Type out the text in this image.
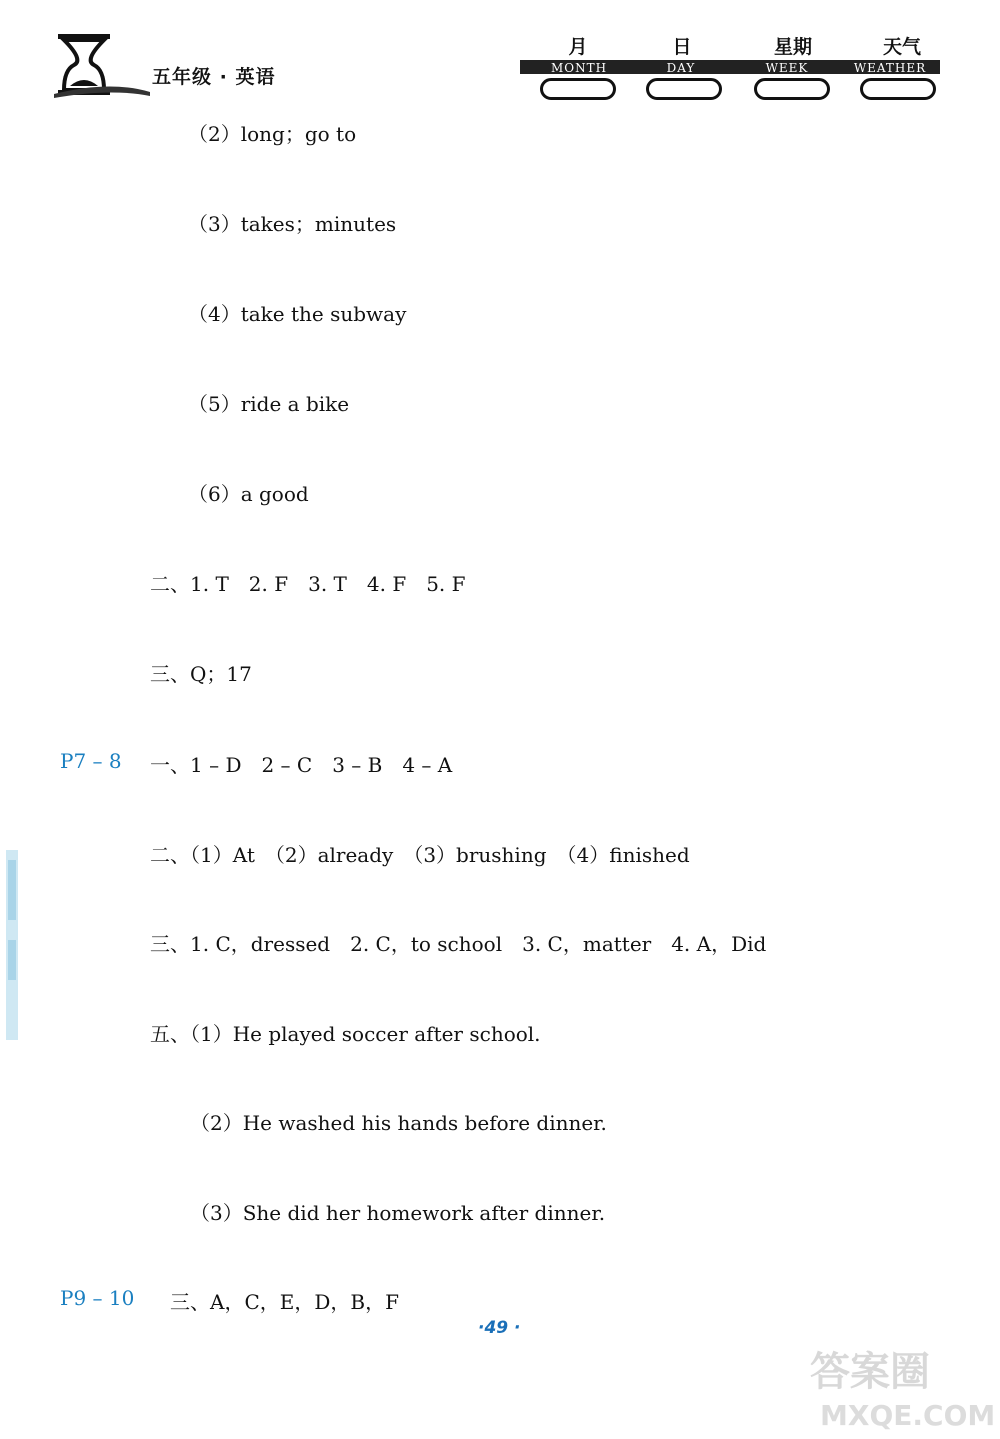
五年级 · 英语
月	日	星期	天气
MONTH	DAY	WEEK	WEATHER
（2）long；go to
（3）takes；minutes
（4）take the subway
（5）ride a bike
（6）a good
二、1. T　2. F　3. T　4. F　5. F
三、Q；17
P7 – 8 一、1 – D　2 – C　3 – B　4 – A
二、（1）At　（2）already　（3）brushing　（4）finished
三、1. C，dressed　2. C，to school　3. C，matter　4. A，Did
五、（1）He played soccer after school.
（2）He washed his hands before dinner.
（3）She did her homework after dinner.
P9 – 10 三、A，C，E，D，B，F
·49 ·
答案圈
MXQE.COM
